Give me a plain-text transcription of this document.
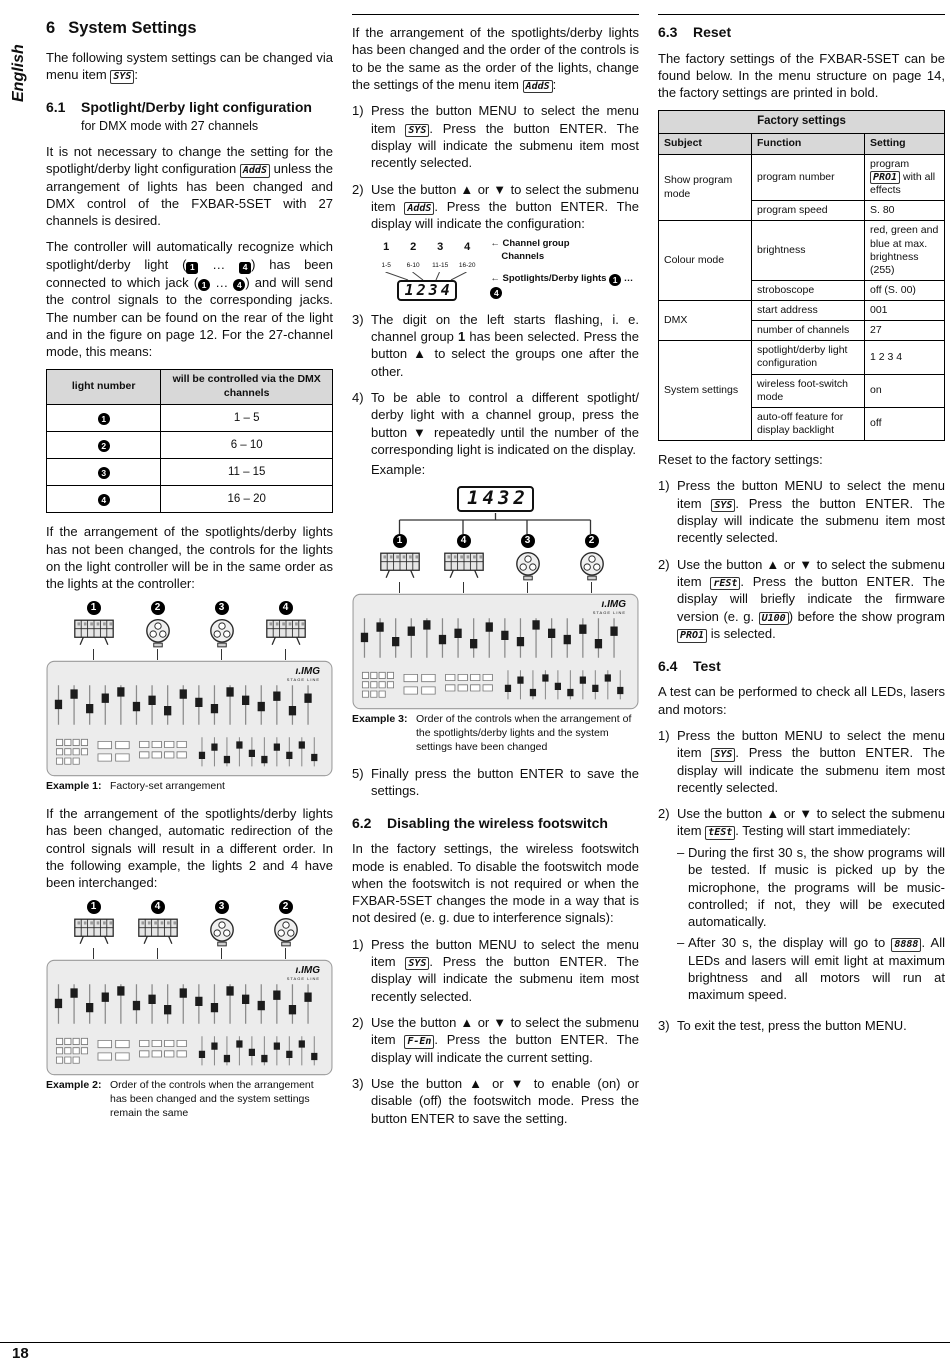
English
6 System Settings

The following system settings can be changed via menu item SYS :

6.1	Spotlight/Derby light configuration
for DMX mode with 27 channels

It is not necessary to change the setting for the spotlight/derby light configuration AddS unless the arrangement of lights has been changed and DMX control of the FXBAR-5SET with 27 channels is desired.

The controller will automatically recognize which spotlight/derby light ( 1 … 4 ) has been connected to which jack ( 1 … 4 ) and will send the control signals to the corresponding jacks. The number can be found on the rear of the light and in the figure on page 12. For the 27-channel mode, this means:

light number	will be controlled via the DMX channels
1	1 – 5
2	6 – 10
3	11 – 15
4	16 – 20

If the arrangement of the spotlights/derby lights has not been changed, the controls for the lights on the light controller will be in the same order as the lights at the controller:

1	2	3	4
ı.IMG
STAGE LINE

Example 1: Factory-set arrangement

If the arrangement of the spotlights/derby lights has been changed, automatic redirection of the control signals will result in a different order. In the following example, the lights 2 and 4 have been interchanged:

1	4	3	2
ı.IMG
STAGE LINE

Example 2: Order of the controls when the arrangement has been changed and the system settings remain the same

If the arrangement of the spotlights/derby lights has been changed and the order of the controls is to be the same as the order of the lights, change the settings of the menu item AddS :

1) Press the button MENU to select the menu item SYS . Press the button ENTER. The display will indicate the submenu item most recently selected.
2) Use the button ▲ or ▼ to select the submenu item AddS . Press the button ENTER. The display will indicate the configuration:
1 2 3 4
1-5 6-10 11-15 16-20
1234
← Channel group
Channels
← Spotlights/Derby lights 1 … 4
3) The digit on the left starts flashing, i. e. channel group 1 has been selected. Press the button ▲ to select the groups one after the other.
4) To be able to control a different spotlight/ derby light with a channel group, press the button ▼ repeatedly until the number of the corresponding light is indicated on the display.
Example:
1432
1	4	3	2
ı.IMG
STAGE LINE

Example 3: Order of the controls when the arrangement of the spotlights/derby lights and the system settings have been changed

5) Finally press the button ENTER to save the settings.
6.2	Disabling the wireless footswitch

In the factory settings, the wireless footswitch mode is enabled. To disable the footswitch mode when the footswitch is not required or when the FXBAR-5SET changes the mode in a way that is not desired (e. g. due to interference signals):

1) Press the button MENU to select the menu item SYS . Press the button ENTER. The display will indicate the submenu item most recently selected.
2) Use the button ▲ or ▼ to select the submenu item F-En . Press the button ENTER. The display will indicate the current setting.
3) Use the button ▲ or ▼ to enable (on) or disable (off) the footswitch mode. Press the button ENTER to save the setting.
6.3	Reset

The factory settings of the FXBAR-5SET can be found below. In the menu structure on page 14, the factory settings are printed in bold.

Factory settings		
Subject	Function	Setting
Show program mode	program number	program PRO1 with all effects
	program speed	S. 80
Colour mode	brightness	red, green and blue at max. brightness (255)
	stroboscope	off (S. 00)
DMX	start address	001
	number of channels	27
System settings	spotlight/derby light configuration	1 2 3 4
	wireless foot-switch mode	on
	auto-off feature for display backlight	off

Reset to the factory settings:

1) Press the button MENU to select the menu item SYS . Press the button ENTER. The display will indicate the submenu item most recently selected.
2) Use the button ▲ or ▼ to select the submenu item rESt . Press the button ENTER. The display will briefly indicate the firmware version (e. g. U100 ) before the show program PRO1 is selected.
6.4	Test

A test can be performed to check all LEDs, lasers and motors:

1) Press the button MENU to select the menu item SYS . Press the button ENTER. The display will indicate the submenu item most recently selected.
2) Use the button ▲ or ▼ to select the submenu item tESt . Testing will start immediately:
– During the first 30 s, the show programs will be tested. If music is picked up by the microphone, the programs will be music-controlled; if not, they will be executed automatically.
– After 30 s, the display will go to 8888 . All LEDs and lasers will emit light at maximum brightness and all motors will run at maximum speed.
3) To exit the test, press the button MENU.
18
